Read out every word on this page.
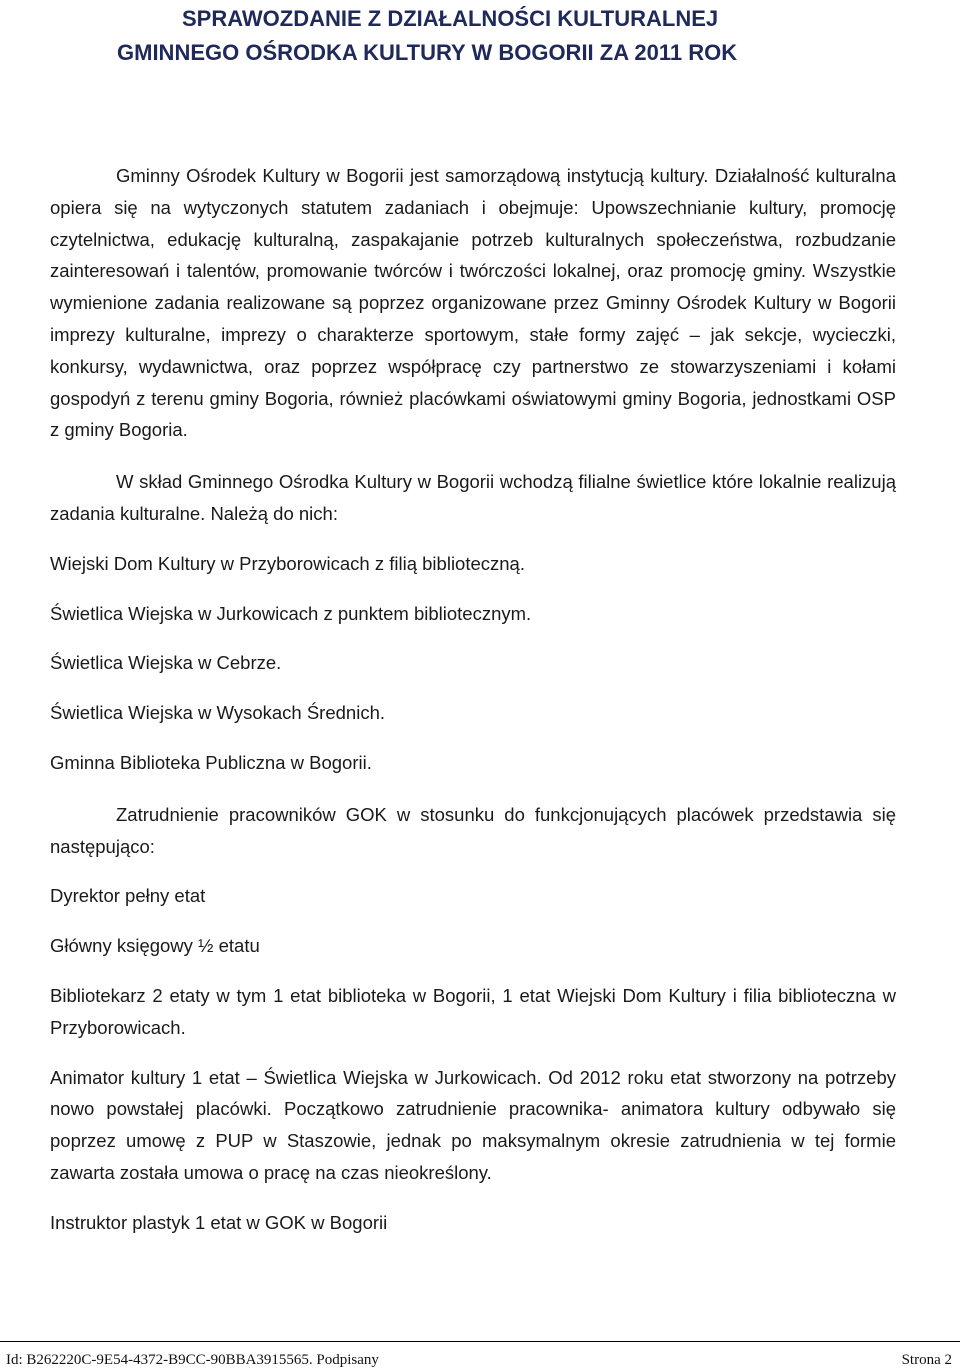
SPRAWOZDANIE Z DZIAŁALNOŚCI KULTURALNEJ
GMINNEGO OŚRODKA KULTURY W BOGORII ZA 2011 ROK

Gminny Ośrodek Kultury w Bogorii jest samorządową instytucją kultury. Działalność kulturalna opiera się na wytyczonych statutem zadaniach i obejmuje: Upowszechnianie kultury, promocję czytelnictwa, edukację kulturalną, zaspakajanie potrzeb kulturalnych społeczeństwa, rozbudzanie zainteresowań i talentów, promowanie twórców i twórczości lokalnej, oraz promocję gminy. Wszystkie wymienione zadania realizowane są poprzez organizowane przez Gminny Ośrodek Kultury w Bogorii imprezy kulturalne, imprezy o charakterze sportowym, stałe formy zajęć – jak sekcje, wycieczki, konkursy, wydawnictwa, oraz poprzez współpracę czy partnerstwo ze stowarzyszeniami i kołami gospodyń z terenu gminy Bogoria, również placówkami oświatowymi gminy Bogoria, jednostkami OSP z gminy Bogoria.

W skład Gminnego Ośrodka Kultury w Bogorii wchodzą filialne świetlice które lokalnie realizują zadania kulturalne. Należą do nich:

Wiejski Dom Kultury w Przyborowicach z filią biblioteczną.

Świetlica Wiejska w Jurkowicach z punktem bibliotecznym.

Świetlica Wiejska w Cebrze.

Świetlica Wiejska w Wysokach Średnich.

Gminna Biblioteka Publiczna w Bogorii.

Zatrudnienie pracowników GOK w stosunku do funkcjonujących placówek przedstawia się następująco:

Dyrektor pełny etat

Główny księgowy ½ etatu

Bibliotekarz 2 etaty w tym 1 etat biblioteka w Bogorii, 1 etat Wiejski Dom Kultury i filia biblioteczna w Przyborowicach.

Animator kultury 1 etat – Świetlica Wiejska w Jurkowicach. Od 2012 roku etat stworzony na potrzeby nowo powstałej placówki. Początkowo zatrudnienie pracownika- animatora kultury odbywało się poprzez umowę z PUP w Staszowie, jednak po maksymalnym okresie zatrudnienia w tej formie zawarta została umowa o pracę na czas nieokreślony.

Instruktor plastyk 1 etat w GOK w Bogorii

Id: B262220C-9E54-4372-B9CC-90BBA3915565. Podpisany	Strona 2
